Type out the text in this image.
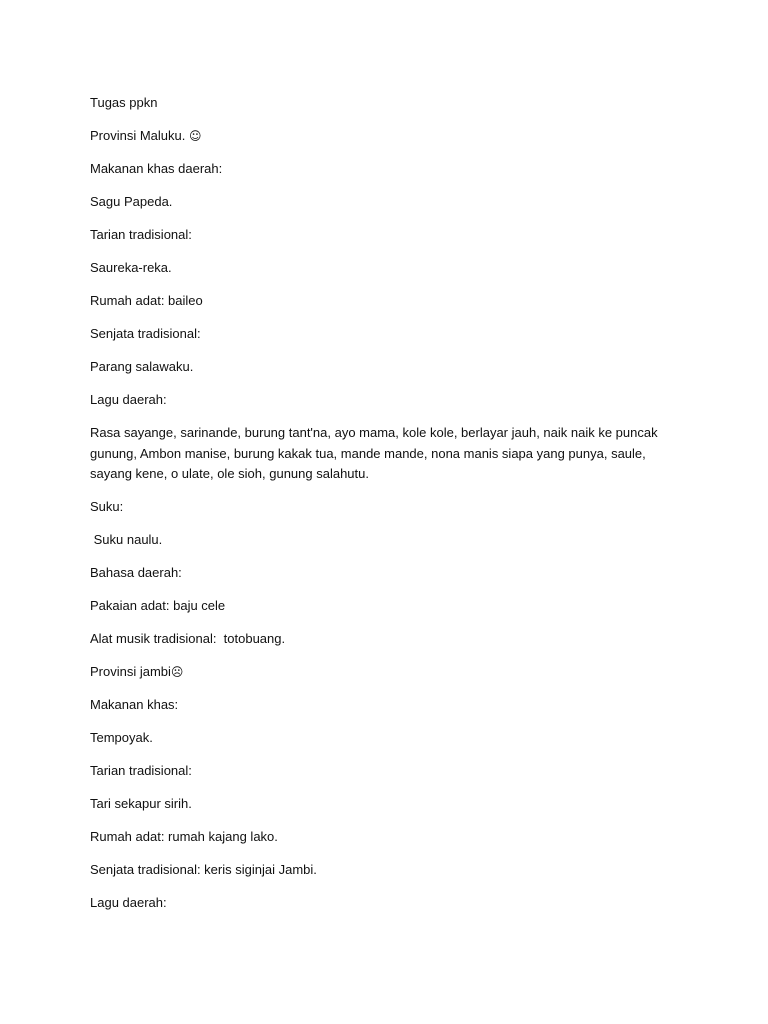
Tugas ppkn

Provinsi Maluku. ☺

Makanan khas daerah:

Sagu Papeda.

Tarian tradisional:

Saureka-reka.

Rumah adat: baileo

Senjata tradisional:

Parang salawaku.

Lagu daerah:

Rasa sayange, sarinande, burung tant'na, ayo mama, kole kole, berlayar jauh, naik naik ke puncak gunung, Ambon manise, burung kakak tua, mande mande, nona manis siapa yang punya, saule, sayang kene, o ulate, ole sioh, gunung salahutu.

Suku:

Suku naulu.

Bahasa daerah:

Pakaian adat: baju cele

Alat musik tradisional:  totobuang.

Provinsi jambi☹

Makanan khas:

Tempoyak.

Tarian tradisional:

Tari sekapur sirih.

Rumah adat: rumah kajang lako.

Senjata tradisional: keris siginjai Jambi.

Lagu daerah:
